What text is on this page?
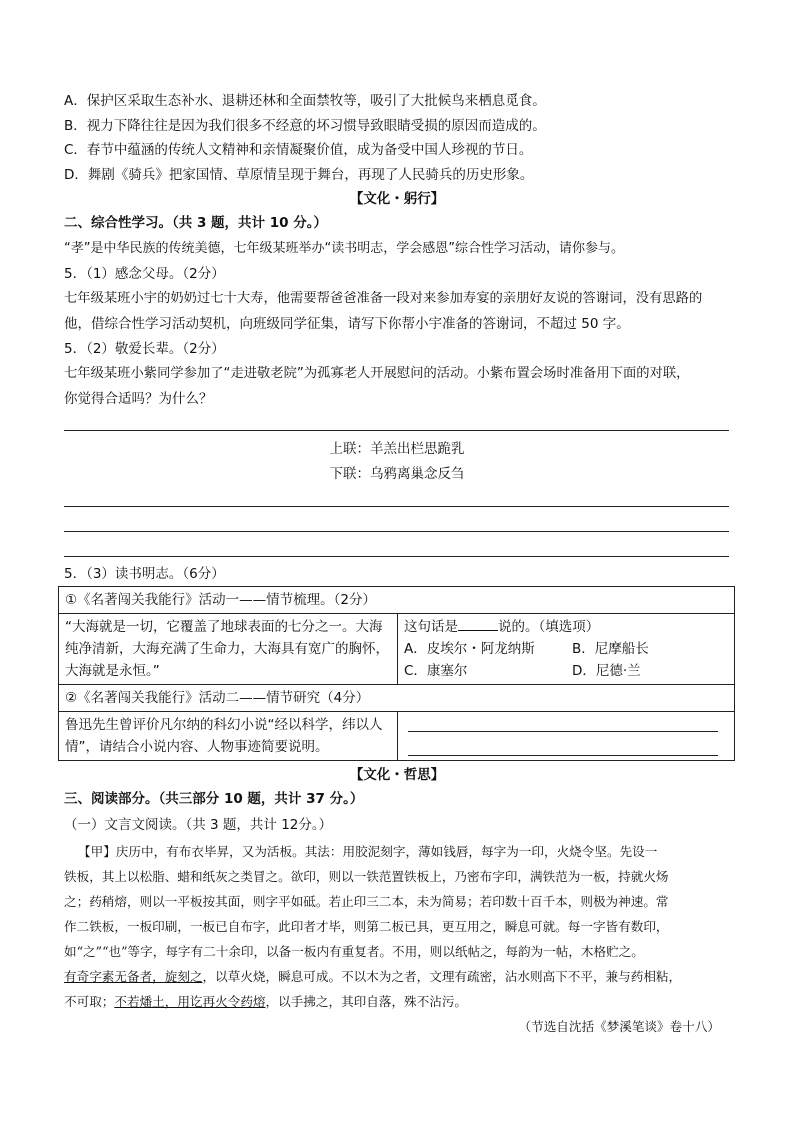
A．保护区采取生态补水、退耕还林和全面禁牧等，吸引了大批候鸟来栖息觅食。
B．视力下降往往是因为我们很多不经意的坏习惯导致眼睛受损的原因而造成的。
C．春节中蕴涵的传统人文精神和亲情凝聚价值，成为备受中国人珍视的节日。
D．舞剧《骑兵》把家国情、草原情呈现于舞台，再现了人民骑兵的历史形象。
【文化・躬行】
二、综合性学习。（共 3 题，共计 10 分。）
“孝”是中华民族的传统美德，七年级某班举办“读书明志，学会感恩”综合性学习活动，请你参与。
5．（1）感念父母。（2分）
七年级某班小宇的奶奶过七十大寿，他需要帮爸爸准备一段对来参加寿宴的亲朋好友说的答谢词，没有思路的
他，借综合性学习活动契机，向班级同学征集，请写下你帮小宇准备的答谢词，不超过 50 字。
5．（2）敬爱长辈。（2分）
七年级某班小紫同学参加了“走进敬老院”为孤寡老人开展慰问的活动。小紫布置会场时准备用下面的对联，
你觉得合适吗？为什么？
上联：羊羔出栏思跪乳
下联：乌鸦离巢念反刍
5．（3）读书明志。（6分）
①《名著闯关我能行》活动一——情节梳理。（2分）	
“大海就是一切，它覆盖了地球表面的七分之一。大海纯净清新，大海充满了生命力，大海具有宽广的胸怀，大海就是永恒。”	这句话是 说的。（填选项）
A．皮埃尔・阿龙纳斯 B．尼摩船长
C．康塞尔 D．尼德·兰

②《名著闯关我能行》活动二——情节研究（4分）	
鲁迅先生曾评价凡尔纳的科幻小说“经以科学，纬以人情”，请结合小说内容、人物事迹简要说明。	
【文化・哲思】
三、阅读部分。（共三部分 10 题，共计 37 分。）
（一）文言文阅读。（共 3 题，共计 12分。）
【甲】庆历中，有布衣毕昇，又为活板。其法：用胶泥刻字，薄如钱唇，每字为一印，火烧令坚。先设一
铁板，其上以松脂、蜡和纸灰之类冒之。欲印，则以一铁范置铁板上，乃密布字印，满铁范为一板，持就火炀
之；药稍熔，则以一平板按其面，则字平如砥。若止印三二本，未为简易；若印数十百千本，则极为神速。常
作二铁板，一板印刷，一板已自布字，此印者才毕，则第二板已具，更互用之，瞬息可就。每一字皆有数印，
如“之”“也”等字，每字有二十余印，以备一板内有重复者。不用，则以纸帖之，每韵为一帖，木格贮之。
有奇字素无备者，旋刻之，以草火烧，瞬息可成。不以木为之者，文理有疏密，沾水则高下不平，兼与药相粘，
不可取；不若燔土，用讫再火令药熔，以手拂之，其印自落，殊不沾污。
（节选自沈括《梦溪笔谈》卷十八）
